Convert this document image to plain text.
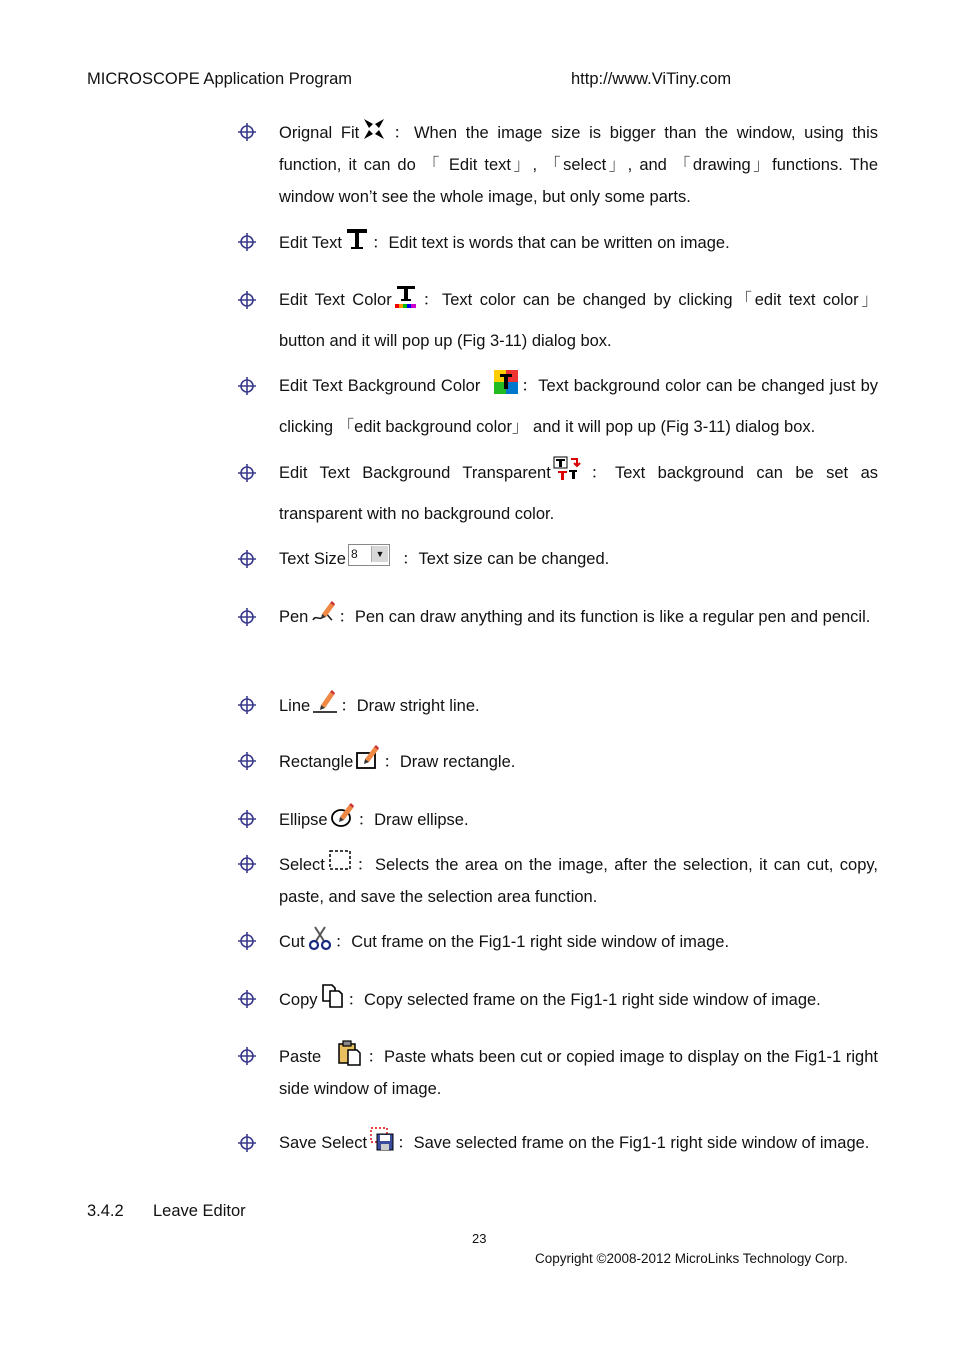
MICROSCOPE Application Program	http://www.ViTiny.com
Orignal Fit ：When the image size is bigger than the window, using this function, it can do 「 Edit text」, 「select」, and 「drawing」functions. The window won’t see the whole image, but only some parts.
Edit Text ：Edit text is words that can be written on image.
Edit Text Color ：Text color can be changed by clicking「edit text color」 button and it will pop up (Fig 3-11) dialog box.
Edit Text Background Color ：Text background color can be changed just by clicking 「edit background color」 and it will pop up (Fig 3-11) dialog box.
Edit Text Background Transparent ：Text background can be set as transparent with no background color.
Text Size 8	▼ ：Text size can be changed.
Pen ：Pen can draw anything and its function is like a regular pen and pencil.
Line ：Draw stright line.
Rectangle ：Draw rectangle.
Ellipse ：Draw ellipse.
Select ：Selects the area on the image, after the selection, it can cut, copy, paste, and save the selection area function.
Cut ：Cut frame on the Fig1-1 right side window of image.
Copy ：Copy selected frame on the Fig1-1 right side window of image.
Paste	：Paste whats been cut or copied image to display on the Fig1-1 right side window of image.
Save Select ：Save selected frame on the Fig1-1 right side window of image.
3.4.2 Leave Editor
23
Copyright ©2008-2012 MicroLinks Technology Corp.
